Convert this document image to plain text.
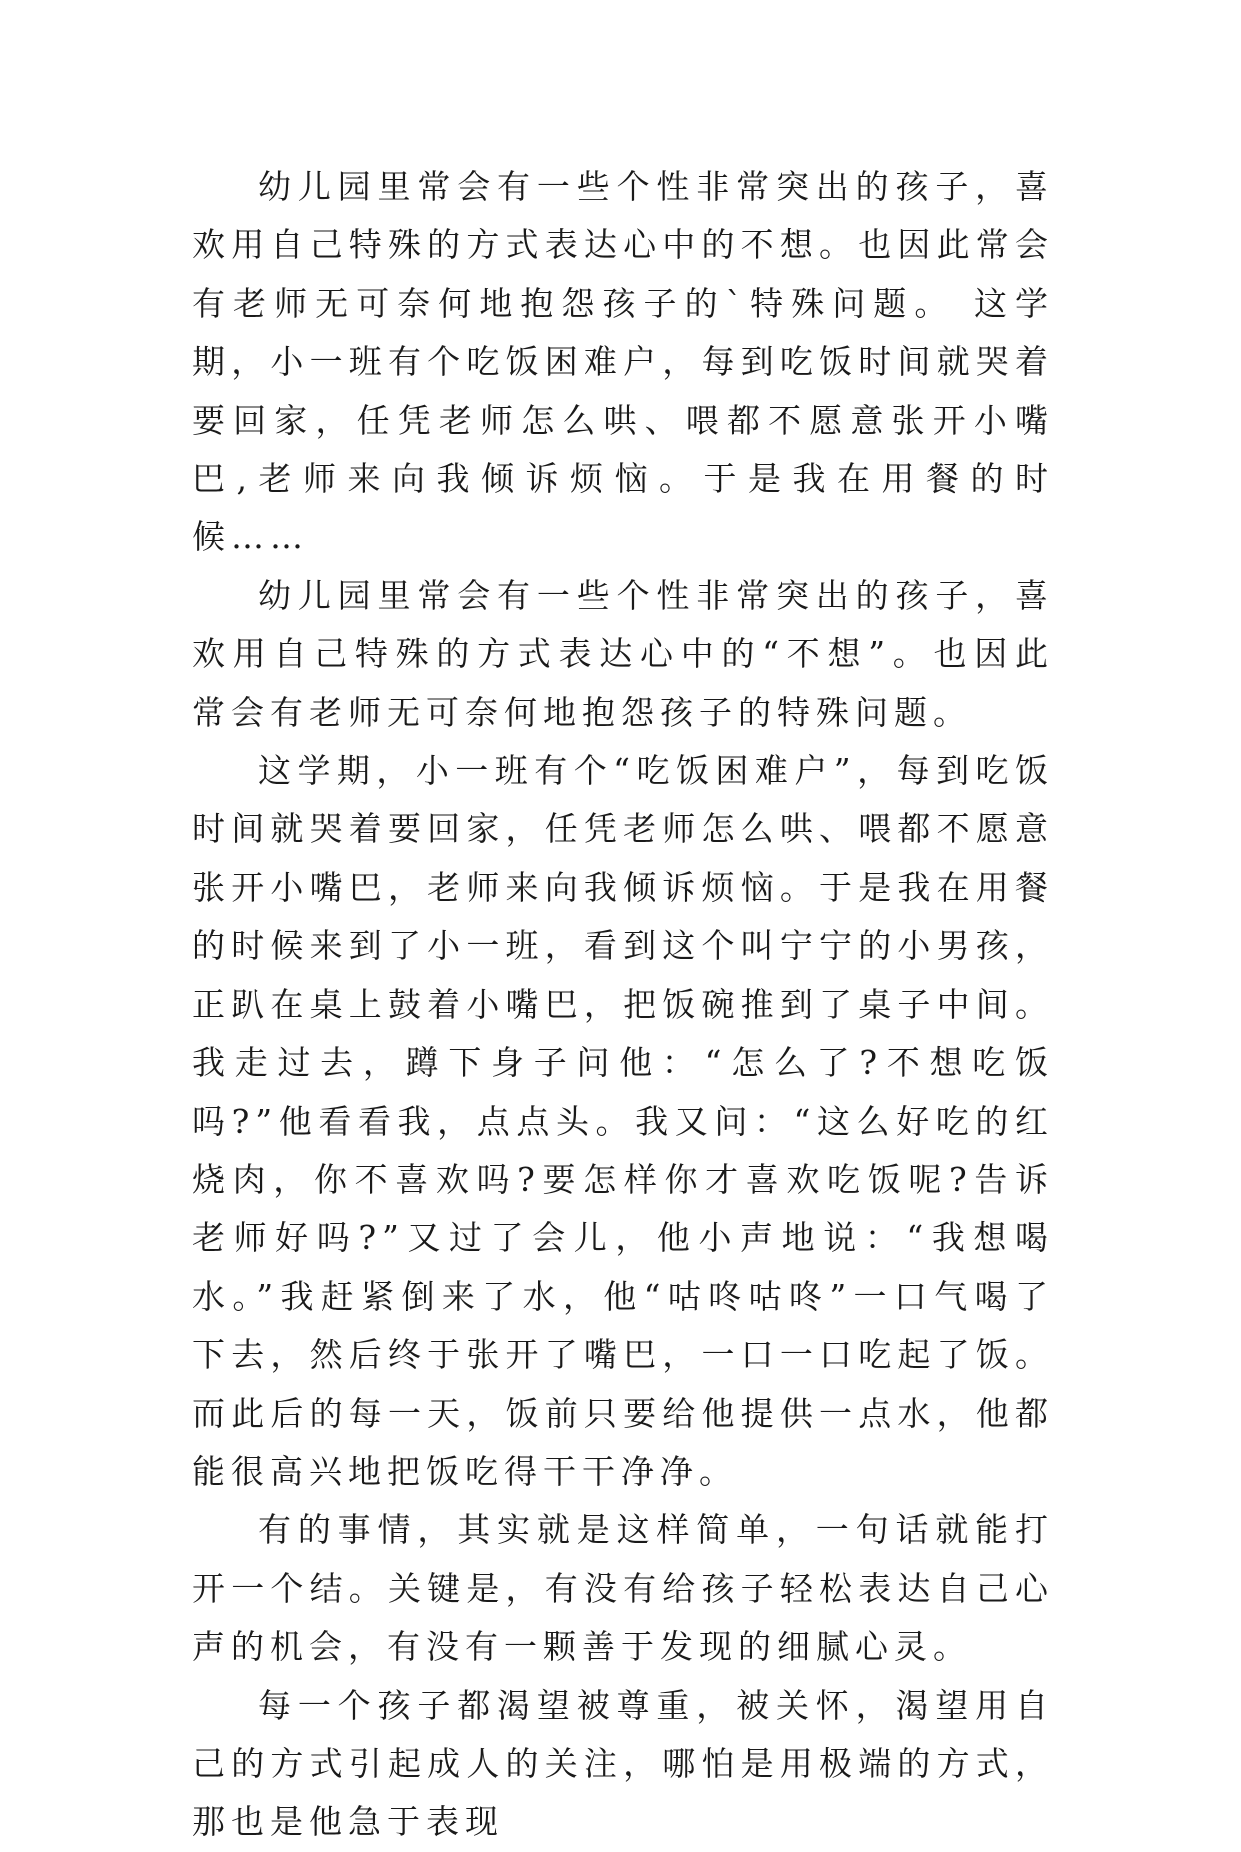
幼儿园里常会有一些个性非常突出的孩子，喜欢用自己特殊的方式表达心中的不想。也因此常会有老师无可奈何地抱怨孩子的`特殊问题。 这学期，小一班有个吃饭困难户，每到吃饭时间就哭着要回家，任凭老师怎么哄、喂都不愿意张开小嘴巴,老师来向我倾诉烦恼。于是我在用餐的时候……

幼儿园里常会有一些个性非常突出的孩子，喜欢用自己特殊的方式表达心中的“不想”。也因此常会有老师无可奈何地抱怨孩子的特殊问题。

这学期，小一班有个“吃饭困难户”，每到吃饭时间就哭着要回家，任凭老师怎么哄、喂都不愿意张开小嘴巴，老师来向我倾诉烦恼。于是我在用餐的时候来到了小一班，看到这个叫宁宁的小男孩，正趴在桌上鼓着小嘴巴，把饭碗推到了桌子中间。我走过去，蹲下身子问他：“怎么了?不想吃饭吗?”他看看我，点点头。我又问：“这么好吃的红烧肉，你不喜欢吗?要怎样你才喜欢吃饭呢?告诉老师好吗?”又过了会儿，他小声地说：“我想喝水。”我赶紧倒来了水，他“咕咚咕咚”一口气喝了下去，然后终于张开了嘴巴，一口一口吃起了饭。而此后的每一天，饭前只要给他提供一点水，他都能很高兴地把饭吃得干干净净。

有的事情，其实就是这样简单，一句话就能打开一个结。关键是，有没有给孩子轻松表达自己心声的机会，有没有一颗善于发现的细腻心灵。

每一个孩子都渴望被尊重，被关怀，渴望用自己的方式引起成人的关注，哪怕是用极端的方式，那也是他急于表现
